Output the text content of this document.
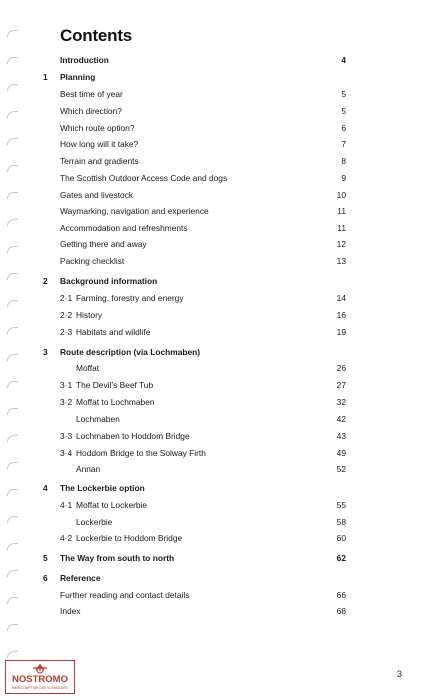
Contents
Introduction	4
1 Planning
Best time of year	5
Which direction?	5
Which route option?	6
How long will it take?	7
Terrain and gradients	8
The Scottish Outdoor Access Code and dogs	9
Gates and livestock	10
Waymarking, navigation and experience	11
Accommodation and refreshments	11
Getting there and away	12
Packing checklist	13
2 Background information
2·1 Farming, forestry and energy	14
2·2 History	16
2·3 Habitats and wildlife	19
3 Route description (via Lochmaben)
Moffat	26
3·1 The Devil’s Beef Tub	27
3·2 Moffat to Lochmaben	32
Lochmaben	42
3·3 Lochmaben to Hoddom Bridge	43
3·4 Hoddom Bridge to the Solway Firth	49
Annan	52
4 The Lockerbie option
4·1 Moffat to Lockerbie	55
Lockerbie	58
4·2 Lockerbie to Hoddom Bridge	60
5 The Way from south to north	62
6 Reference
Further reading and contact details	66
Index	68
NOSTROMO
WEB COMPTOIR DES VOYAGEURS
3
